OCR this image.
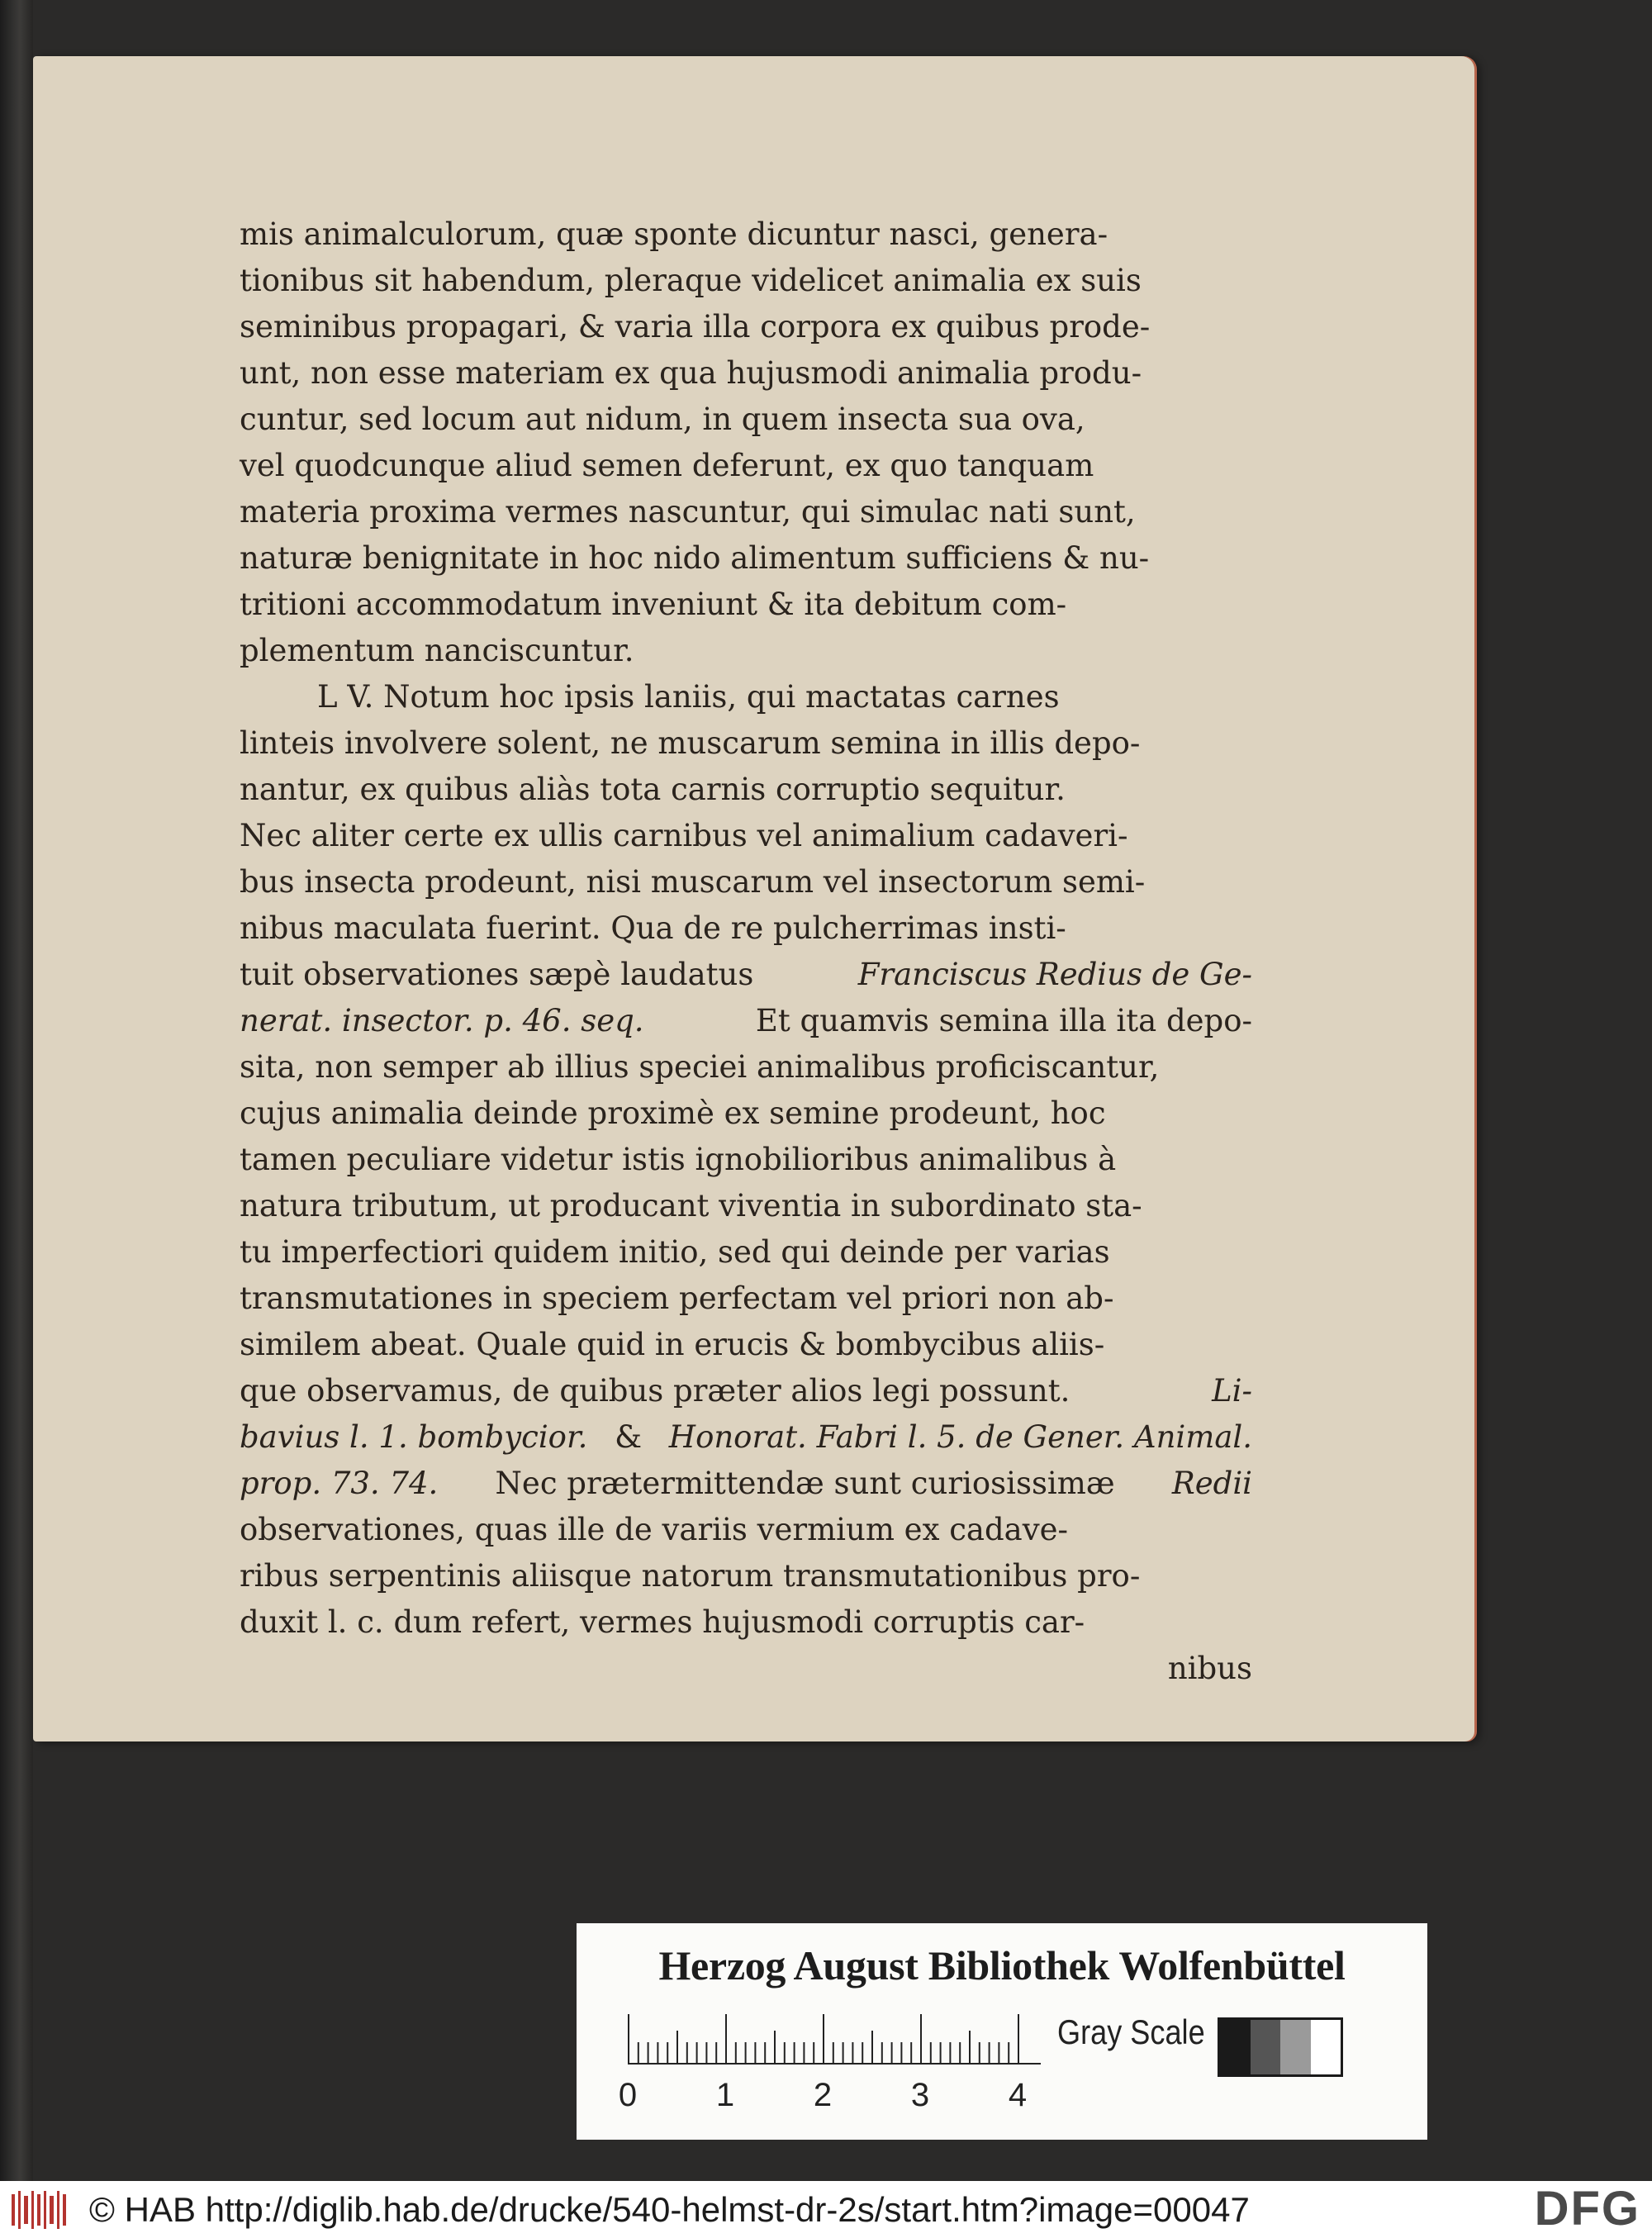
mis animalculorum, quæ sponte dicuntur nasci, genera-
tionibus sit habendum, pleraque videlicet animalia ex suis
seminibus propagari, & varia illa corpora ex quibus prode-
unt, non esse materiam ex qua hujusmodi animalia produ-
cuntur, sed locum aut nidum, in quem insecta sua ova,
vel quodcunque aliud semen deferunt, ex quo tanquam
materia proxima vermes nascuntur, qui simulac nati sunt,
naturæ benignitate in hoc nido alimentum sufficiens & nu-
tritioni accommodatum inveniunt & ita debitum com-
plementum nanciscuntur.
L V. Notum hoc ipsis laniis, qui mactatas carnes
linteis involvere solent, ne muscarum semina in illis depo-
nantur, ex quibus aliàs tota carnis corruptio sequitur.
Nec aliter certe ex ullis carnibus vel animalium cadaveri-
bus insecta prodeunt, nisi muscarum vel insectorum semi-
nibus maculata fuerint. Qua de re pulcherrimas insti-
tuit observationes sæpè laudatus	Franciscus Redius de Ge-
nerat. insector. p. 46. seq.	Et quamvis semina illa ita depo-
sita, non semper ab illius speciei animalibus proficiscantur,
cujus animalia deinde proximè ex semine prodeunt, hoc
tamen peculiare videtur istis ignobilioribus animalibus à
natura tributum, ut producant viventia in subordinato sta-
tu imperfectiori quidem initio, sed qui deinde per varias
transmutationes in speciem perfectam vel priori non ab-
similem abeat. Quale quid in erucis & bombycibus aliis-
que observamus, de quibus præter alios legi possunt.	Li-
bavius l. 1. bombycior. & Honorat. Fabri l. 5. de Gener. Animal.
prop. 73. 74. Nec prætermittendæ sunt curiosissimæ Redii
observationes, quas ille de variis vermium ex cadave-
ribus serpentinis aliisque natorum transmutationibus pro-
duxit l. c. dum refert, vermes hujusmodi corruptis car-
nibus
Herzog August Bibliothek Wolfenbüttel
0 1 2 3 4
Gray Scale
© HAB http://diglib.hab.de/drucke/540-helmst-dr-2s/start.htm?image=00047	DFG
